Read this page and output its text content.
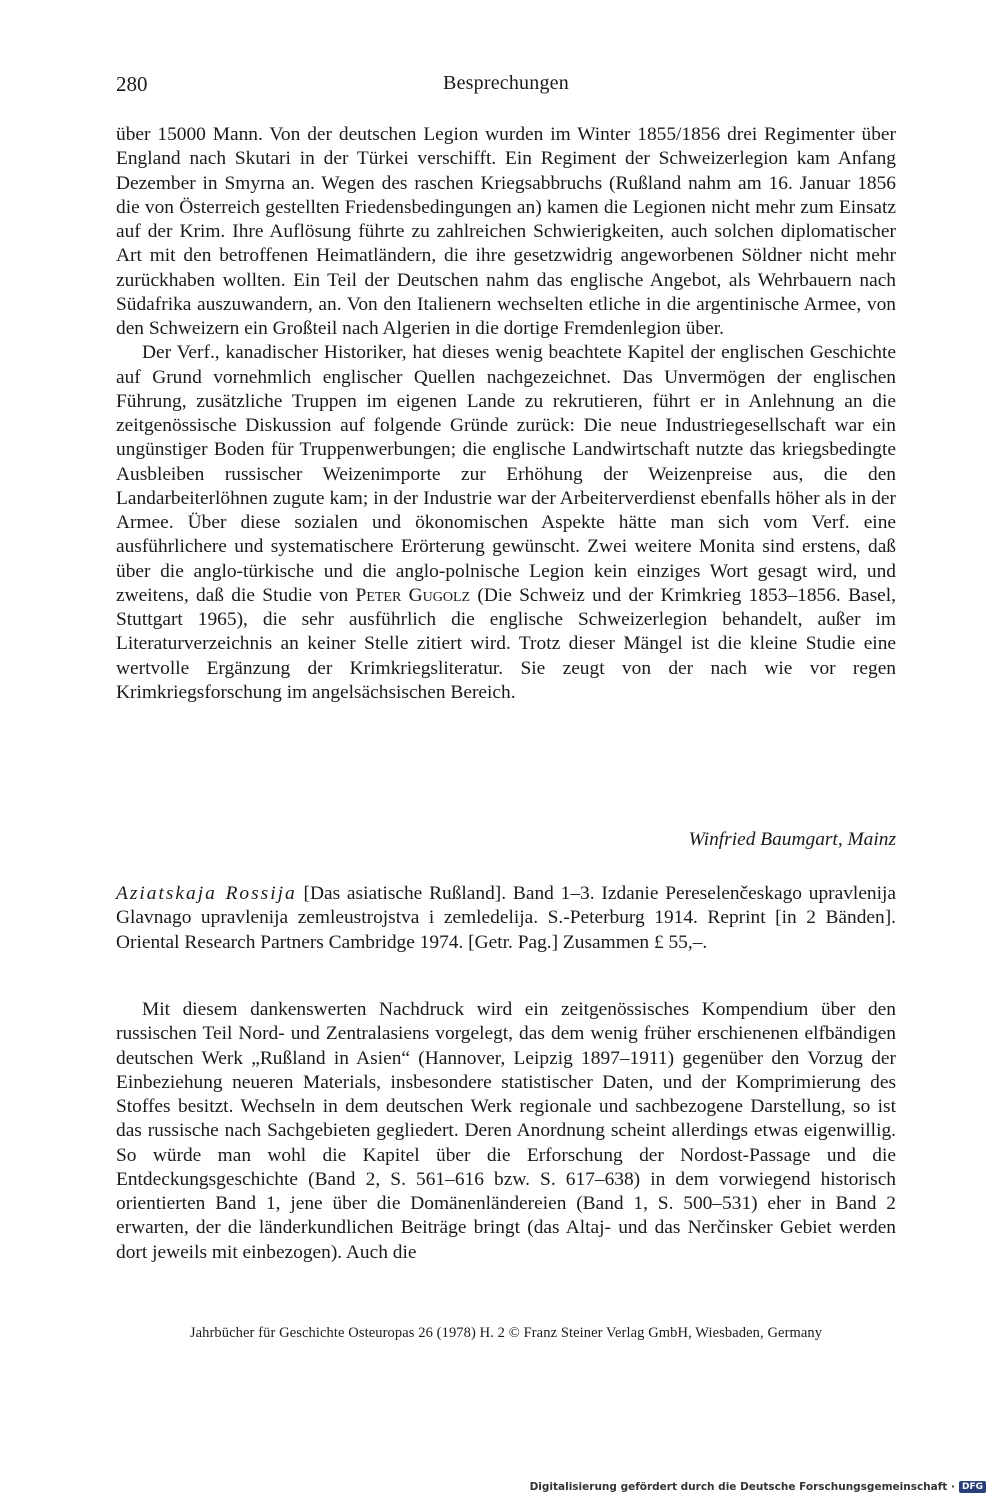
280	Besprechungen

über 15000 Mann. Von der deutschen Legion wurden im Winter 1855/1856 drei Regimenter über England nach Skutari in der Türkei verschifft. Ein Regiment der Schweizerlegion kam Anfang Dezember in Smyrna an. Wegen des raschen Kriegsabbruchs (Rußland nahm am 16. Januar 1856 die von Österreich gestellten Friedensbedingungen an) kamen die Legionen nicht mehr zum Einsatz auf der Krim. Ihre Auflösung führte zu zahlreichen Schwierigkeiten, auch solchen diplomatischer Art mit den betroffenen Heimatländern, die ihre gesetzwidrig angeworbenen Söldner nicht mehr zurückhaben wollten. Ein Teil der Deutschen nahm das englische Angebot, als Wehrbauern nach Südafrika auszuwandern, an. Von den Italienern wechselten etliche in die argentinische Armee, von den Schweizern ein Großteil nach Algerien in die dortige Fremdenlegion über.

Der Verf., kanadischer Historiker, hat dieses wenig beachtete Kapitel der englischen Geschichte auf Grund vornehmlich englischer Quellen nachgezeichnet. Das Unvermögen der englischen Führung, zusätzliche Truppen im eigenen Lande zu rekrutieren, führt er in Anlehnung an die zeitgenössische Diskussion auf folgende Gründe zurück: Die neue Industriegesellschaft war ein ungünstiger Boden für Truppenwerbungen; die englische Landwirtschaft nutzte das kriegsbedingte Ausbleiben russischer Weizenimporte zur Erhöhung der Weizenpreise aus, die den Landarbeiterlöhnen zugute kam; in der Industrie war der Arbeiterverdienst ebenfalls höher als in der Armee. Über diese sozialen und ökonomischen Aspekte hätte man sich vom Verf. eine ausführlichere und systematischere Erörterung gewünscht. Zwei weitere Monita sind erstens, daß über die anglo-türkische und die anglo-polnische Legion kein einziges Wort gesagt wird, und zweitens, daß die Studie von Peter Gugolz (Die Schweiz und der Krimkrieg 1853–1856. Basel, Stuttgart 1965), die sehr ausführlich die englische Schweizerlegion behandelt, außer im Literaturverzeichnis an keiner Stelle zitiert wird. Trotz dieser Mängel ist die kleine Studie eine wertvolle Ergänzung der Krimkriegsliteratur. Sie zeugt von der nach wie vor regen Krimkriegsforschung im angelsächsischen Bereich.

Winfried Baumgart, Mainz

Aziatskaja Rossija [Das asiatische Rußland]. Band 1–3. Izdanie Pereselenčeskago upravlenija Glavnago upravlenija zemleustrojstva i zemledelija. S.-Peterburg 1914. Reprint [in 2 Bänden]. Oriental Research Partners Cambridge 1974. [Getr. Pag.] Zusammen £ 55,–.

Mit diesem dankenswerten Nachdruck wird ein zeitgenössisches Kompendium über den russischen Teil Nord- und Zentralasiens vorgelegt, das dem wenig früher erschienenen elfbändigen deutschen Werk „Rußland in Asien“ (Hannover, Leipzig 1897–1911) gegenüber den Vorzug der Einbeziehung neueren Materials, insbesondere statistischer Daten, und der Komprimierung des Stoffes besitzt. Wechseln in dem deutschen Werk regionale und sachbezogene Darstellung, so ist das russische nach Sachgebieten gegliedert. Deren Anordnung scheint allerdings etwas eigenwillig. So würde man wohl die Kapitel über die Erforschung der Nordost-Passage und die Entdeckungsgeschichte (Band 2, S. 561–616 bzw. S. 617–638) in dem vorwiegend historisch orientierten Band 1, jene über die Domänenländereien (Band 1, S. 500–531) eher in Band 2 erwarten, der die länderkundlichen Beiträge bringt (das Altaj- und das Nerčinsker Gebiet werden dort jeweils mit einbezogen). Auch die

Jahrbücher für Geschichte Osteuropas 26 (1978) H. 2 © Franz Steiner Verlag GmbH, Wiesbaden, Germany
Digitalisierung gefördert durch die Deutsche Forschungsgemeinschaft · DFG
